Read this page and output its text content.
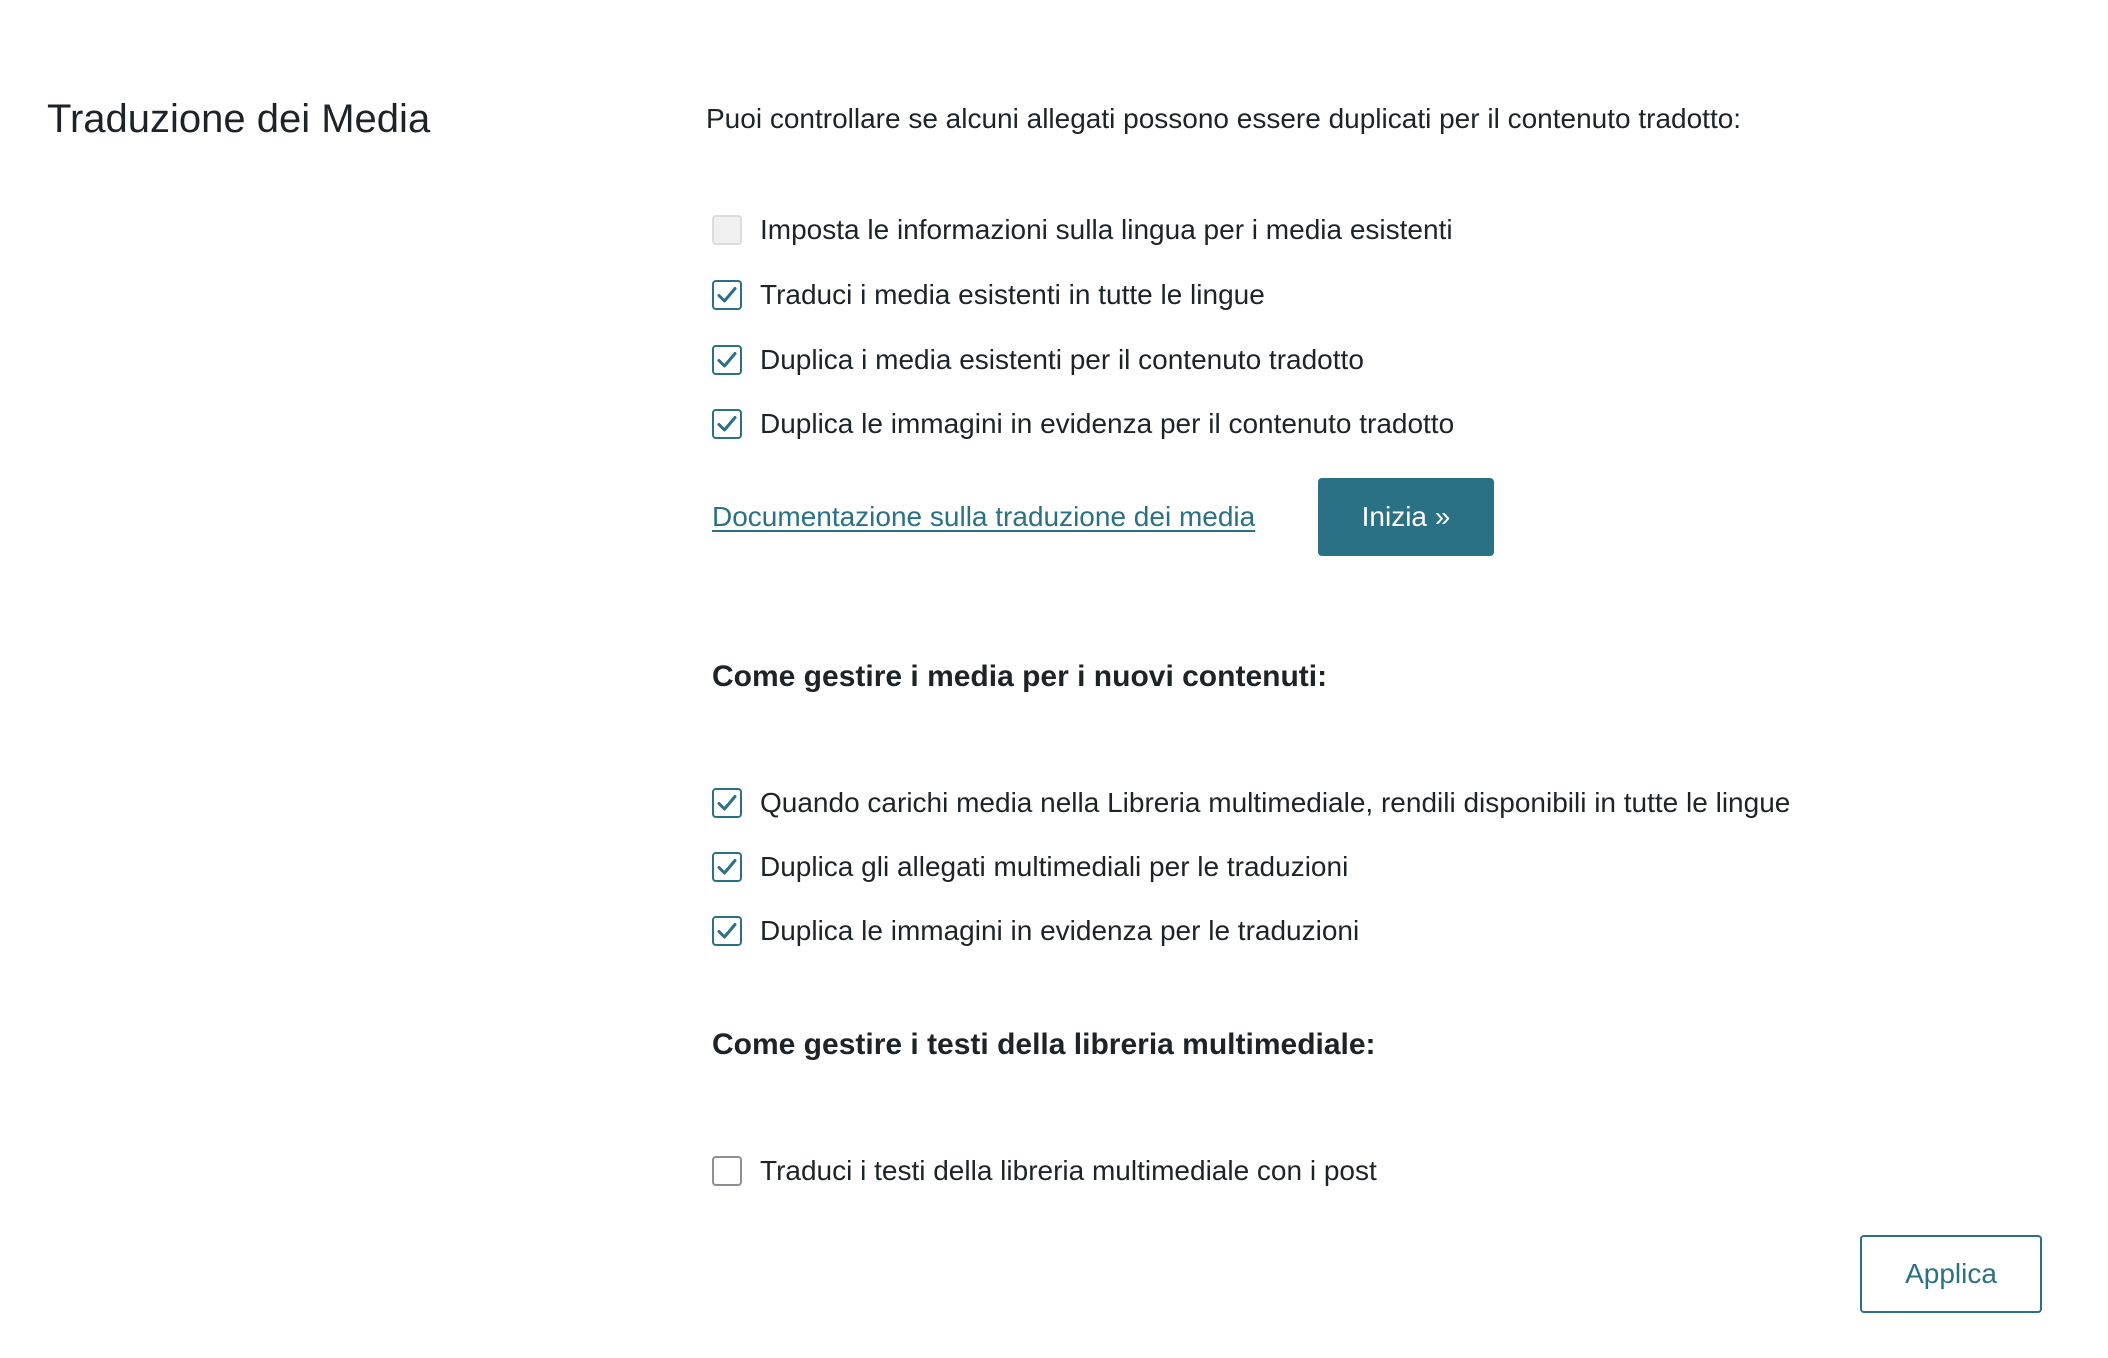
Traduzione dei Media	Puoi controllare se alcuni allegati possono essere duplicati per il contenuto tradotto:
Imposta le informazioni sulla lingua per i media esistenti
Traduci i media esistenti in tutte le lingue
Duplica i media esistenti per il contenuto tradotto
Duplica le immagini in evidenza per il contenuto tradotto
Documentazione sulla traduzione dei media	Inizia »
Come gestire i media per i nuovi contenuti:
Quando carichi media nella Libreria multimediale, rendili disponibili in tutte le lingue
Duplica gli allegati multimediali per le traduzioni
Duplica le immagini in evidenza per le traduzioni
Come gestire i testi della libreria multimediale:
Traduci i testi della libreria multimediale con i post
Applica
